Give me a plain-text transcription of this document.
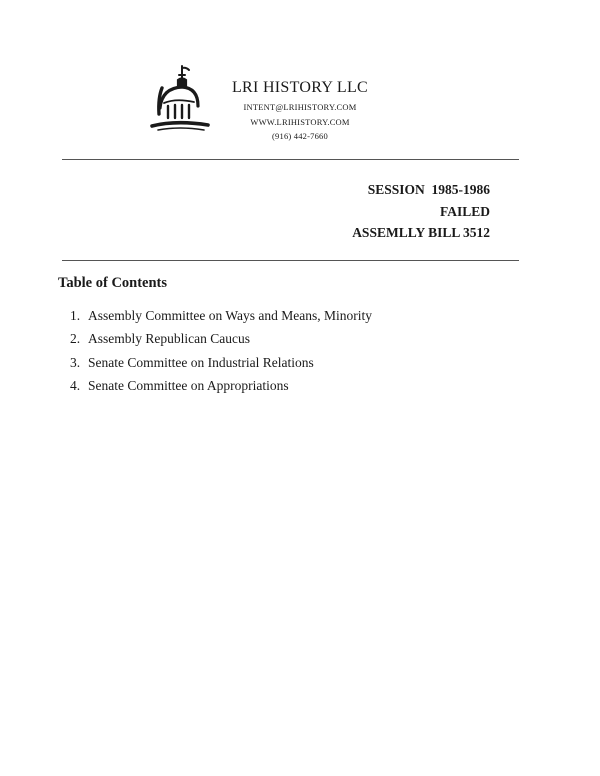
LRI HISTORY LLC
INTENT@LRIHISTORY.COM
WWW.LRIHISTORY.COM
(916) 442-7660
SESSION  1985-1986
FAILED
ASSEMLLY BILL 3512
Table of Contents
1. Assembly Committee on Ways and Means, Minority
2. Assembly Republican Caucus
3. Senate Committee on Industrial Relations
4. Senate Committee on Appropriations
